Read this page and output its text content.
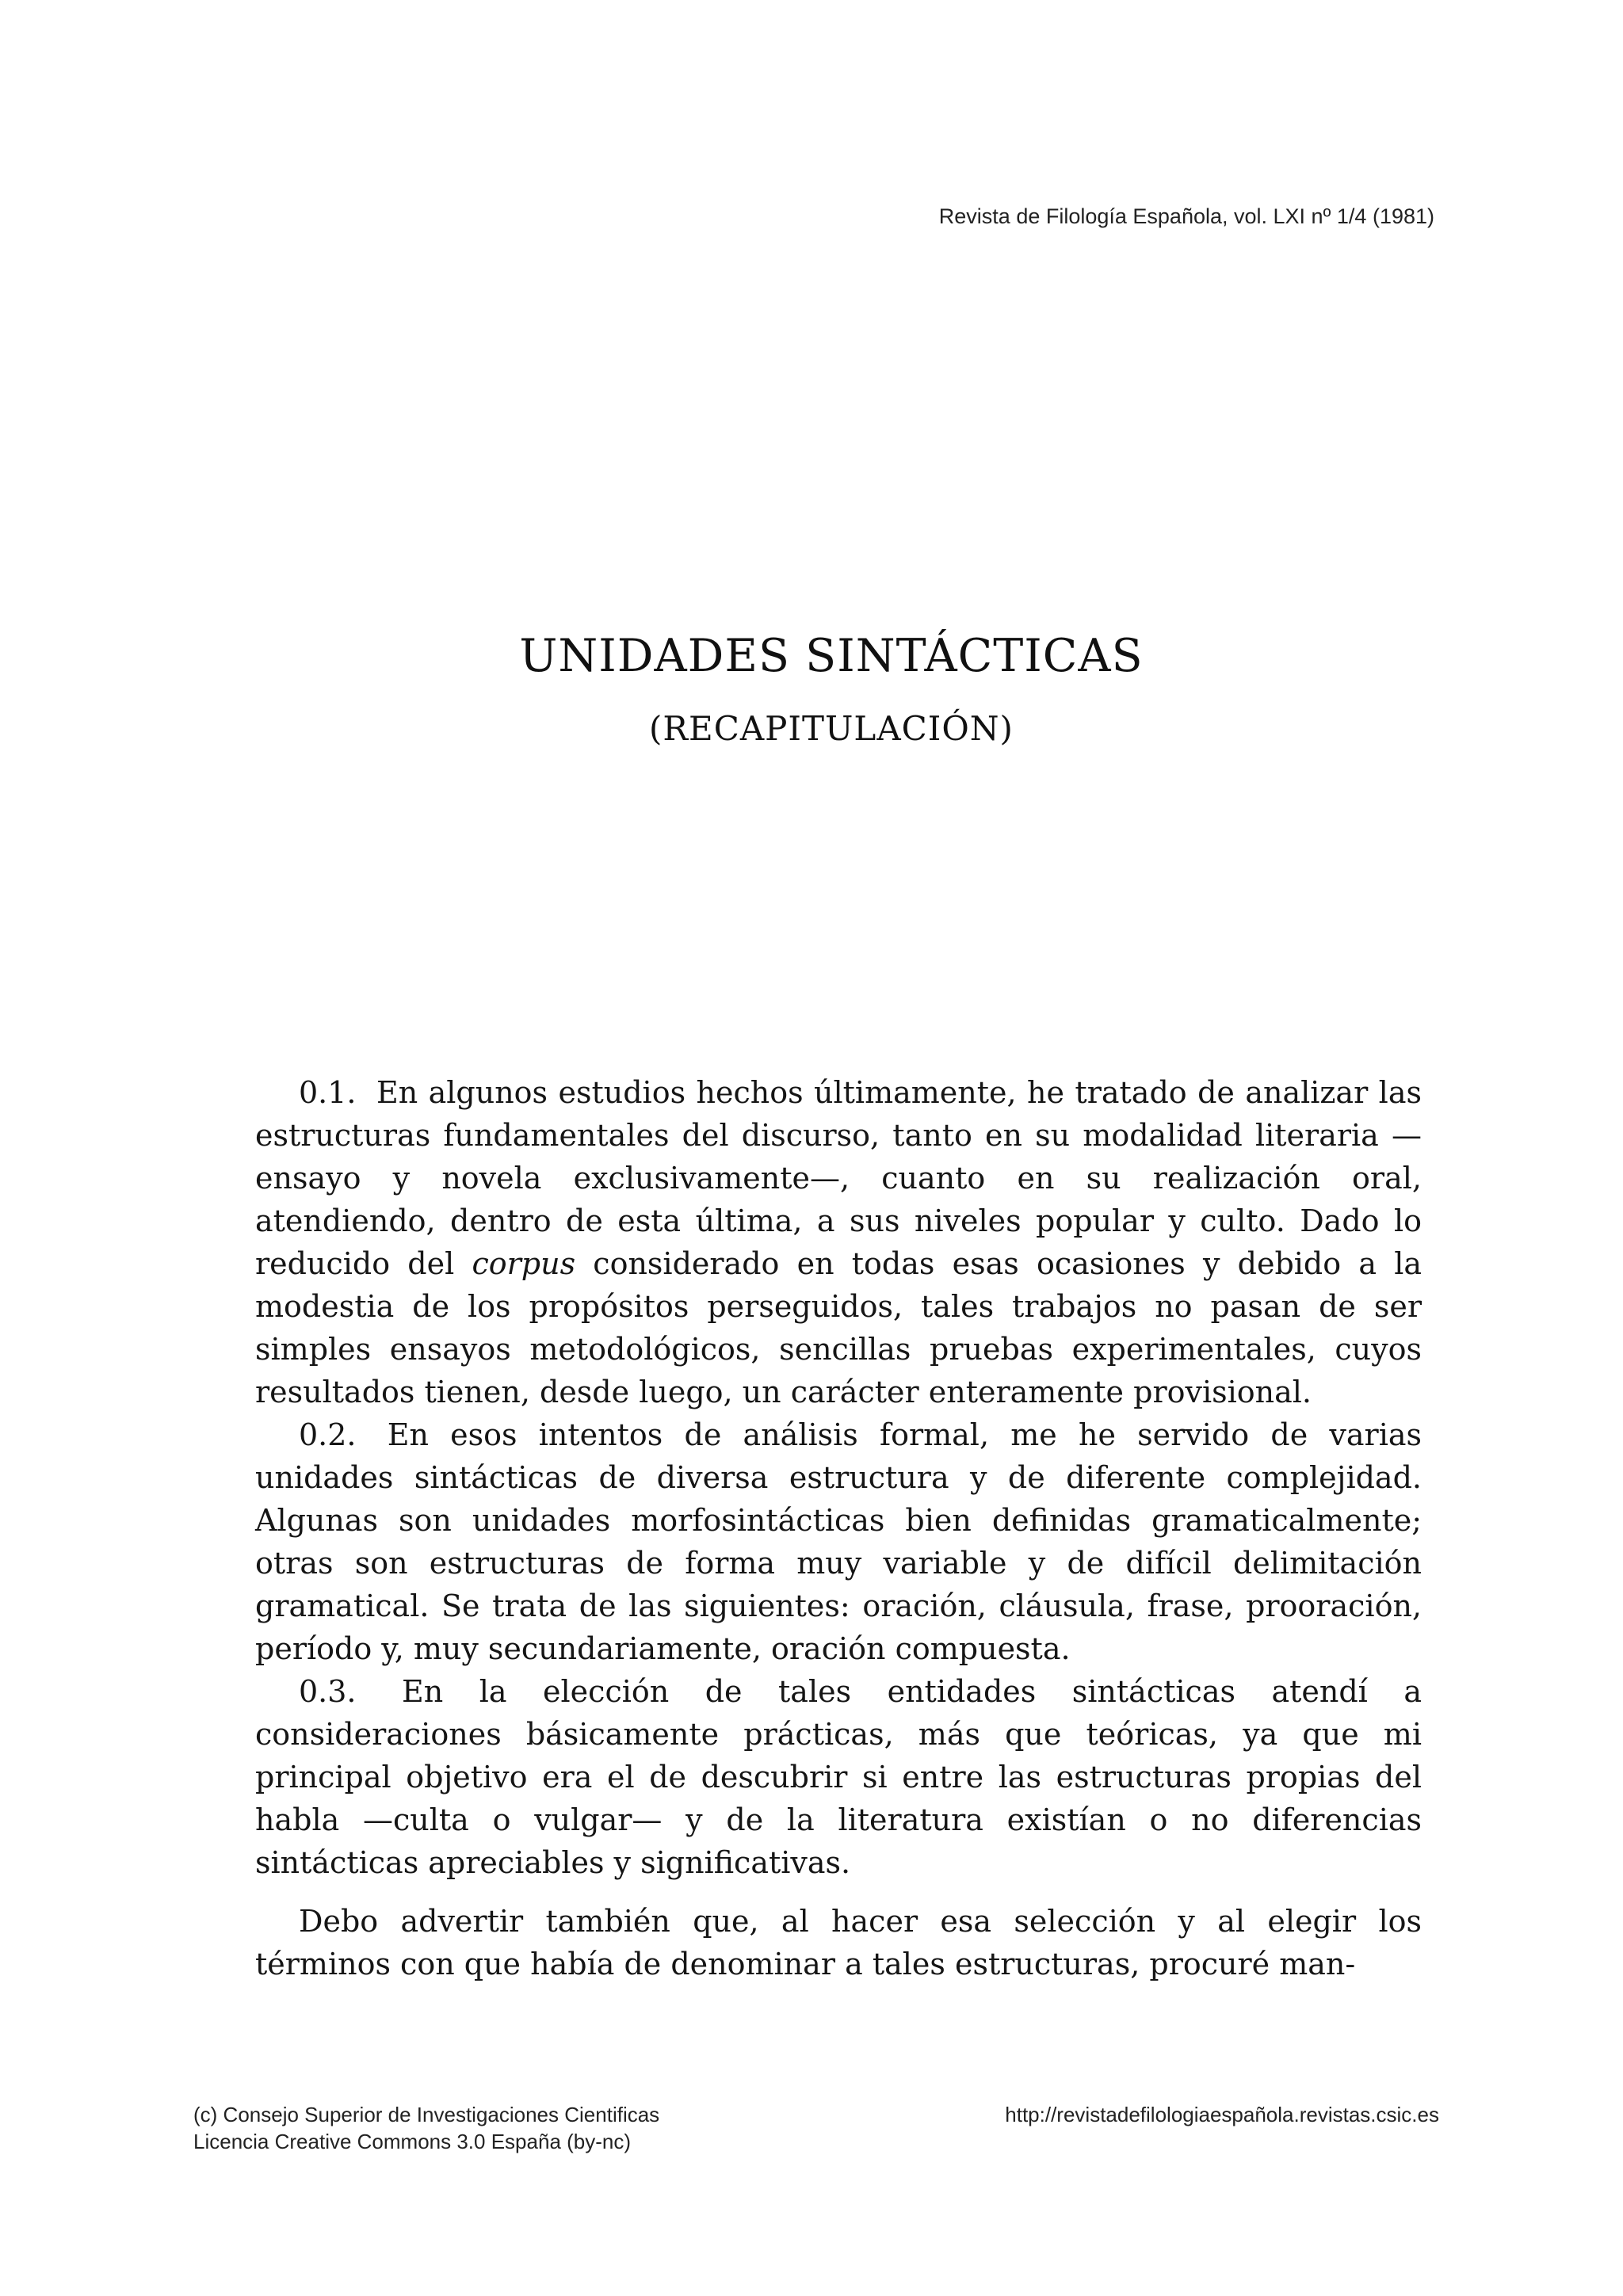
Revista de Filología Española, vol. LXI nº 1/4 (1981)
UNIDADES SINTÁCTICAS
(RECAPITULACIÓN)

0.1. En algunos estudios hechos últimamente, he tratado de analizar las estructuras fundamentales del discurso, tanto en su modalidad literaria —ensayo y novela exclusivamente—, cuanto en su realización oral, atendiendo, dentro de esta última, a sus niveles popular y culto. Dado lo reducido del corpus considerado en todas esas ocasiones y debido a la modestia de los propósitos perseguidos, tales trabajos no pasan de ser simples ensayos metodológicos, sencillas pruebas experimentales, cuyos resultados tienen, desde luego, un carácter enteramente provisional.

0.2. En esos intentos de análisis formal, me he servido de varias unidades sintácticas de diversa estructura y de diferente complejidad. Algunas son unidades morfosintácticas bien definidas gramaticalmente; otras son estructuras de forma muy variable y de difícil delimitación gramatical. Se trata de las siguientes: oración, cláusula, frase, prooración, período y, muy secundariamente, oración compuesta.

0.3. En la elección de tales entidades sintácticas atendí a consideraciones básicamente prácticas, más que teóricas, ya que mi principal objetivo era el de descubrir si entre las estructuras propias del habla —culta o vulgar— y de la literatura existían o no diferencias sintácticas apreciables y significativas.

Debo advertir también que, al hacer esa selección y al elegir los términos con que había de denominar a tales estructuras, procuré man-

(c) Consejo Superior de Investigaciones Cientificas
Licencia Creative Commons 3.0 España (by-nc)
http://revistadefilologiaespañola.revistas.csic.es
